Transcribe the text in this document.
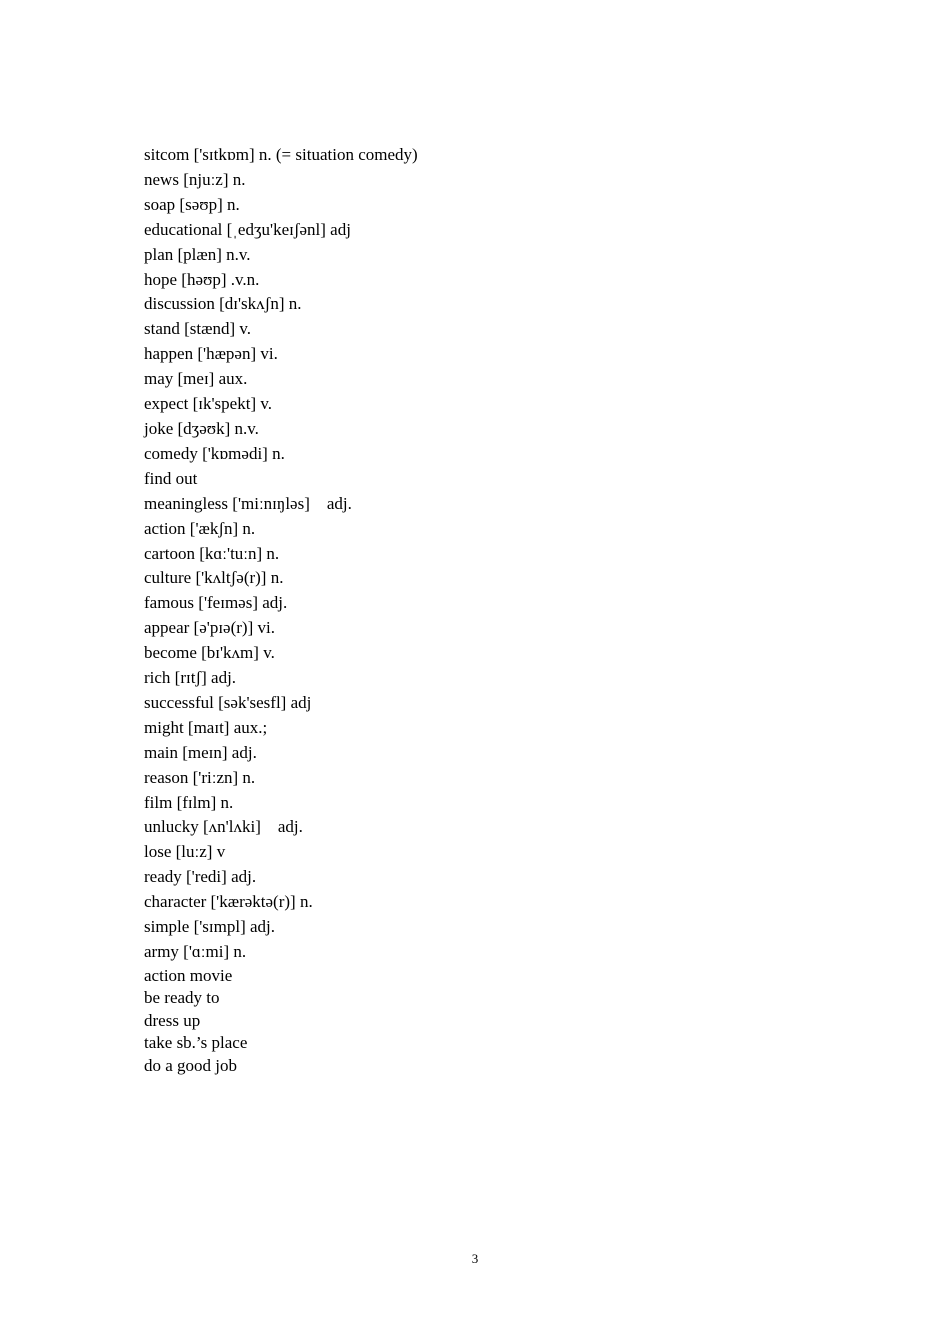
sitcom ['sɪtkɒm] n. (= situation comedy)
news [njuːz] n.
soap [səʊp] n.
educational [ˌedʒu'keɪʃənl] adj
plan [plæn] n.v.
hope [həʊp] .v.n.
discussion [dɪ'skʌʃn] n.
stand [stænd] v.
happen ['hæpən] vi.
may [meɪ] aux.
expect [ɪk'spekt] v.
joke [dʒəʊk] n.v.
comedy ['kɒmədi] n.
find out
meaningless ['miːnɪŋləs]    adj.
action ['ækʃn] n.
cartoon [kɑː'tuːn] n.
culture ['kʌltʃə(r)] n.
famous ['feɪməs] adj.
appear [ə'pɪə(r)] vi.
become [bɪ'kʌm] v.
rich [rɪtʃ] adj.
successful [sək'sesfl] adj
might [maɪt] aux.;
main [meɪn] adj.
reason ['riːzn] n.
film [fɪlm] n.
unlucky [ʌn'lʌki]    adj.
lose [luːz] v
ready ['redi] adj.
character ['kærəktə(r)] n.
simple ['sɪmpl] adj.
army ['ɑːmi] n.
action movie
be ready to
dress up
take sb.’s place
do a good job
3
